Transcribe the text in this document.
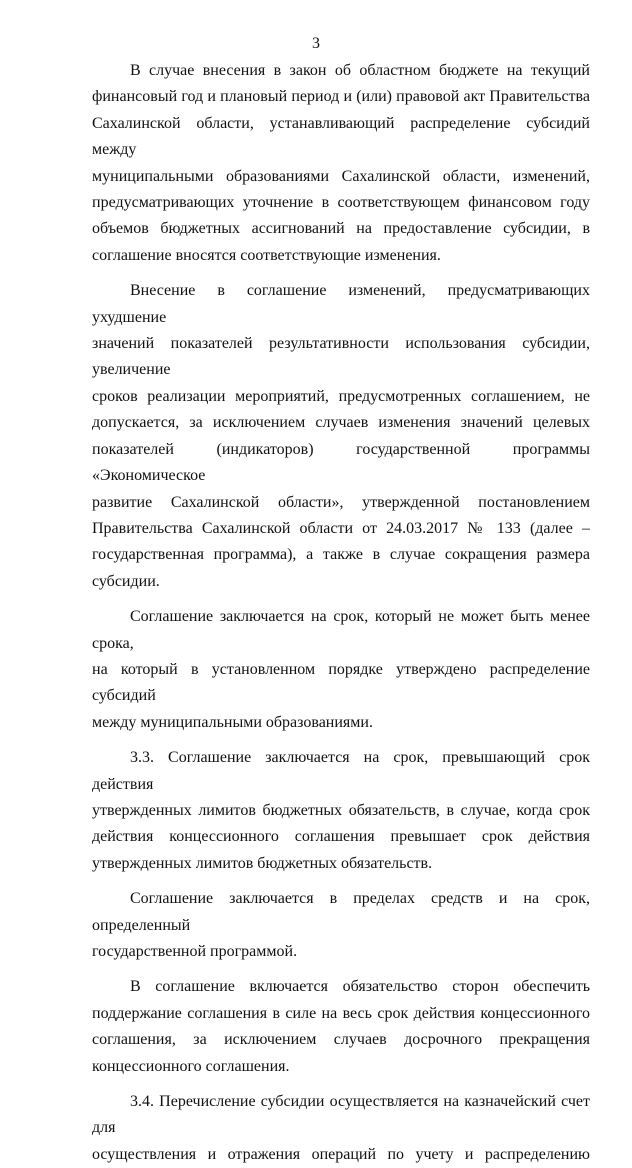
3
В случае внесения в закон об областном бюджете на текущий
финансовый год и плановый период и (или) правовой акт Правительства
Сахалинской области, устанавливающий распределение субсидий между
муниципальными образованиями Сахалинской области, изменений,
предусматривающих уточнение в соответствующем финансовом году
объемов бюджетных ассигнований на предоставление субсидии, в
соглашение вносятся соответствующие изменения.
Внесение в соглашение изменений, предусматривающих ухудшение
значений показателей результативности использования субсидии, увеличение
сроков реализации мероприятий, предусмотренных соглашением, не
допускается, за исключением случаев изменения значений целевых
показателей (индикаторов) государственной программы «Экономическое
развитие Сахалинской области», утвержденной постановлением
Правительства Сахалинской области от 24.03.2017 № 133 (далее –
государственная программа), а также в случае сокращения размера субсидии.
Соглашение заключается на срок, который не может быть менее срока,
на который в установленном порядке утверждено распределение субсидий
между муниципальными образованиями.
3.3. Соглашение заключается на срок, превышающий срок действия
утвержденных лимитов бюджетных обязательств, в случае, когда срок
действия концессионного соглашения превышает срок действия
утвержденных лимитов бюджетных обязательств.
Соглашение заключается в пределах средств и на срок, определенный
государственной программой.
В соглашение включается обязательство сторон обеспечить
поддержание соглашения в силе на весь срок действия концессионного
соглашения, за исключением случаев досрочного прекращения
концессионного соглашения.
3.4. Перечисление субсидии осуществляется на казначейский счет для
осуществления и отражения операций по учету и распределению
